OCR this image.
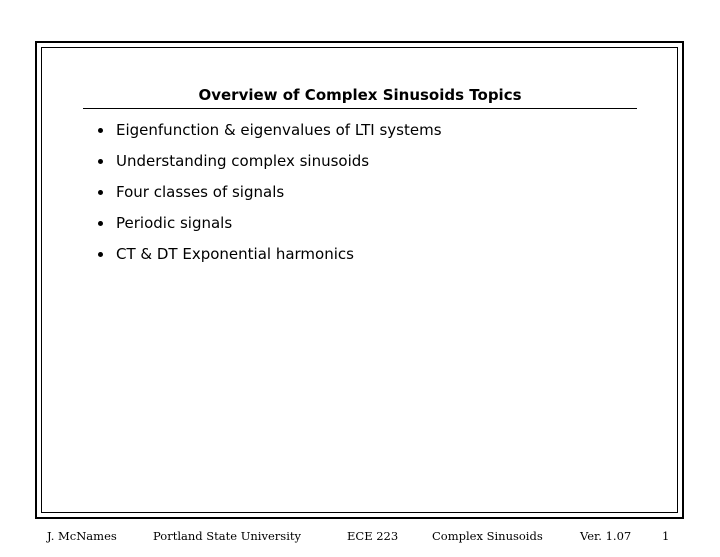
Overview of Complex Sinusoids Topics
Eigenfunction & eigenvalues of LTI systems
Understanding complex sinusoids
Four classes of signals
Periodic signals
CT & DT Exponential harmonics
J. McNames	Portland State University	ECE 223	Complex Sinusoids	Ver. 1.07	1
